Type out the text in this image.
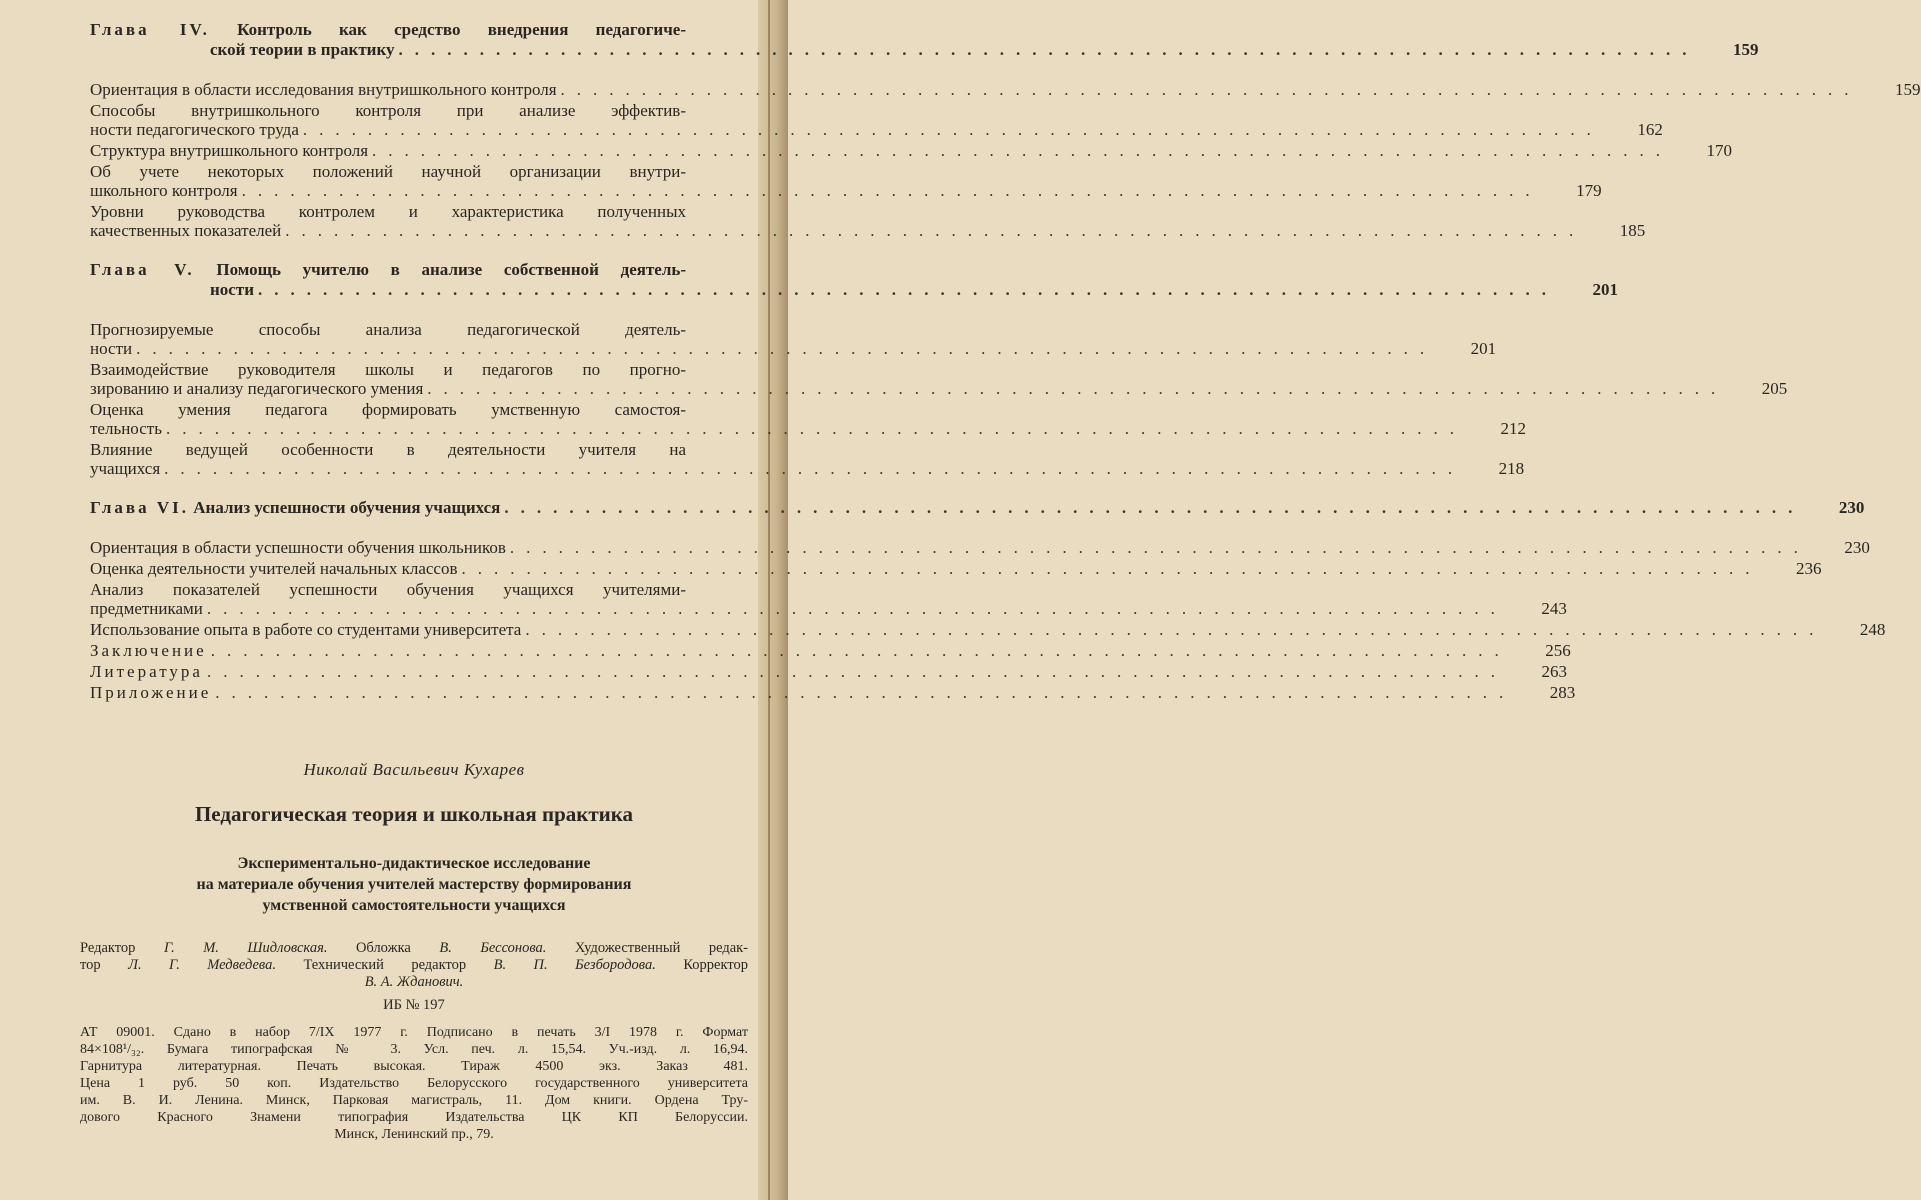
Глава IV. Контроль как средство внедрения педагогиче-
ской теории в практику ................................................................................	159
Ориентация в области исследования внутришкольного контроля ................................................................................	159
Способы внутришкольного контроля при анализе эффектив-
ности педагогического труда ................................................................................	162
Структура внутришкольного контроля ................................................................................	170
Об учете некоторых положений научной организации внутри-
школьного контроля ................................................................................	179
Уровни руководства контролем и характеристика полученных
качественных показателей ................................................................................	185
Глава V. Помощь учителю в анализе собственной деятель-
ности ................................................................................	201
Прогнозируемые способы анализа педагогической деятель-
ности ................................................................................	201
Взаимодействие руководителя школы и педагогов по прогно-
зированию и анализу педагогического умения ................................................................................	205
Оценка умения педагога формировать умственную самостоя-
тельность ................................................................................	212
Влияние ведущей особенности в деятельности учителя на
учащихся ................................................................................	218
Глава VI. Анализ успешности обучения учащихся ................................................................................	230
Ориентация в области успешности обучения школьников ................................................................................	230
Оценка деятельности учителей начальных классов ................................................................................	236
Анализ показателей успешности обучения учащихся учителями-
предметниками ................................................................................	243
Использование опыта в работе со студентами университета ................................................................................	248
Заключение ................................................................................	256
Литература ................................................................................	263
Приложение ................................................................................	283
Николай Васильевич Кухарев
Педагогическая теория и школьная практика
Экспериментально-дидактическое исследование
на материале обучения учителей мастерству формирования
умственной самостоятельности учащихся
Редактор Г. М. Шидловская. Обложка В. Бессонова. Художественный редак-
тор Л. Г. Медведева. Технический редактор В. П. Безбородова. Корректор
В. А. Жданович.
ИБ № 197
АТ 09001. Сдано в набор 7/IX 1977 г. Подписано в печать 3/I 1978 г. Формат
84×108¹/₃₂. Бумага типографская № 3. Усл. печ. л. 15,54. Уч.-изд. л. 16,94.
Гарнитура литературная. Печать высокая. Тираж 4500 экз. Заказ 481.
Цена 1 руб. 50 коп. Издательство Белорусского государственного университета
им. В. И. Ленина. Минск, Парковая магистраль, 11. Дом книги. Ордена Тру-
дового Красного Знамени типография Издательства ЦК КП Белоруссии.
Минск, Ленинский пр., 79.
